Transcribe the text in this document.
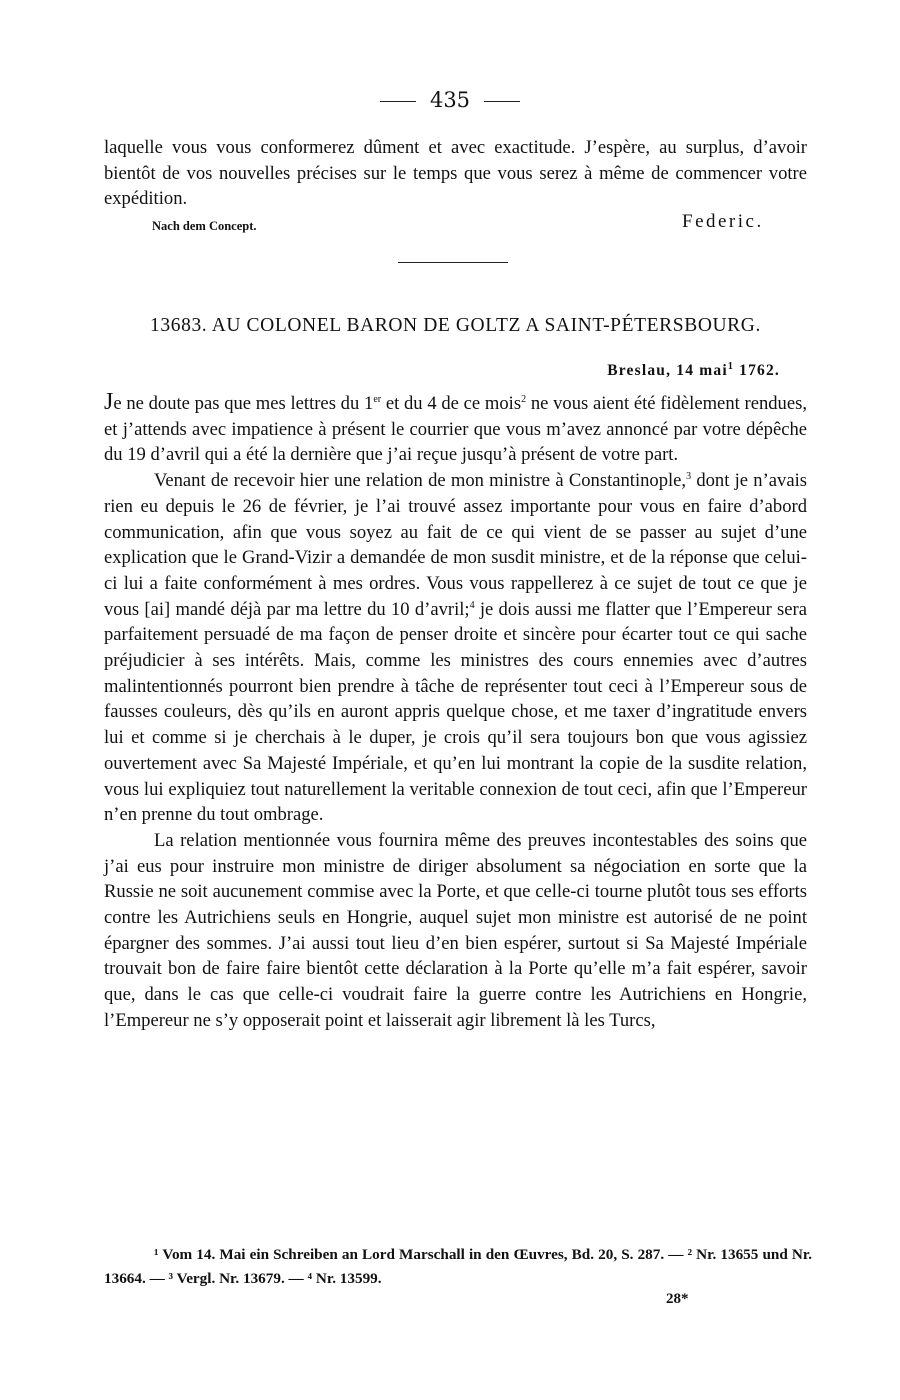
435

laquelle vous vous conformerez dûment et avec exactitude. J’espère, au surplus, d’avoir bientôt de vos nouvelles précises sur le temps que vous serez à même de commencer votre expédition.

Nach dem Concept.	Federic.
13683. AU COLONEL BARON DE GOLTZ A SAINT-PÉTERSBOURG.
Breslau, 14 mai$^1$ 1762.

Je ne doute pas que mes lettres du 1er et du 4 de ce mois$^2$ ne vous aient été fidèlement rendues, et j’attends avec impatience à présent le courrier que vous m’avez annoncé par votre dépêche du 19 d’avril qui a été la dernière que j’ai reçue jusqu’à présent de votre part.

Venant de recevoir hier une relation de mon ministre à Constantinople,$^3$ dont je n’avais rien eu depuis le 26 de février, je l’ai trouvé assez importante pour vous en faire d’abord communication, afin que vous soyez au fait de ce qui vient de se passer au sujet d’une explication que le Grand-Vizir a demandée de mon susdit ministre, et de la réponse que celui-ci lui a faite conformément à mes ordres. Vous vous rappellerez à ce sujet de tout ce que je vous [ai] mandé déjà par ma lettre du 10 d’avril;$^4$ je dois aussi me flatter que l’Empereur sera parfaitement persuadé de ma façon de penser droite et sincère pour écarter tout ce qui sache préjudicier à ses intérêts. Mais, comme les ministres des cours ennemies avec d’autres malintentionnés pourront bien prendre à tâche de représenter tout ceci à l’Empereur sous de fausses couleurs, dès qu’ils en auront appris quelque chose, et me taxer d’ingratitude envers lui et comme si je cherchais à le duper, je crois qu’il sera toujours bon que vous agissiez ouvertement avec Sa Majesté Impériale, et qu’en lui montrant la copie de la susdite relation, vous lui expliquiez tout naturellement la veritable connexion de tout ceci, afin que l’Empereur n’en prenne du tout ombrage.

La relation mentionnée vous fournira même des preuves incontestables des soins que j’ai eus pour instruire mon ministre de diriger absolument sa négociation en sorte que la Russie ne soit aucunement commise avec la Porte, et que celle-ci tourne plutôt tous ses efforts contre les Autrichiens seuls en Hongrie, auquel sujet mon ministre est autorisé de ne point épargner des sommes. J’ai aussi tout lieu d’en bien espérer, surtout si Sa Majesté Impériale trouvait bon de faire faire bientôt cette déclaration à la Porte qu’elle m’a fait espérer, savoir que, dans le cas que celle-ci voudrait faire la guerre contre les Autrichiens en Hongrie, l’Empereur ne s’y opposerait point et laisserait agir librement là les Turcs,

¹ Vom 14. Mai ein Schreiben an Lord Marschall in den Œuvres, Bd. 20, S. 287. — ² Nr. 13655 und Nr. 13664. — ³ Vergl. Nr. 13679. — ⁴ Nr. 13599.

28*
